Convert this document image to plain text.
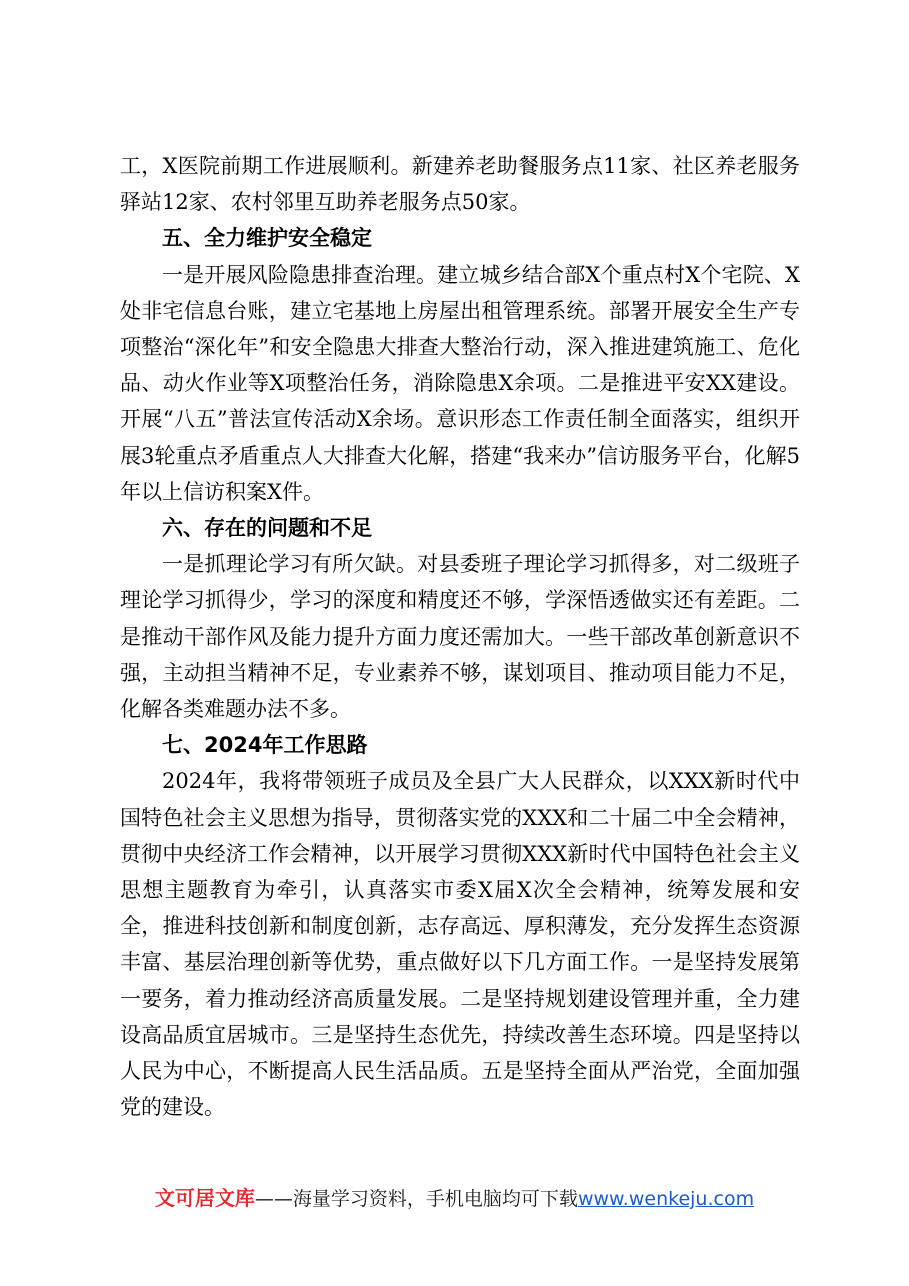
工，X医院前期工作进展顺利。新建养老助餐服务点11家、社区养老服务驿站12家、农村邻里互助养老服务点50家。

五、全力维护安全稳定

一是开展风险隐患排查治理。建立城乡结合部X个重点村X个宅院、X处非宅信息台账，建立宅基地上房屋出租管理系统。部署开展安全生产专项整治“深化年”和安全隐患大排查大整治行动，深入推进建筑施工、危化品、动火作业等X项整治任务，消除隐患X余项。二是推进平安XX建设。开展“八五”普法宣传活动X余场。意识形态工作责任制全面落实，组织开展3轮重点矛盾重点人大排查大化解，搭建“我来办”信访服务平台，化解5年以上信访积案X件。

六、存在的问题和不足

一是抓理论学习有所欠缺。对县委班子理论学习抓得多，对二级班子理论学习抓得少，学习的深度和精度还不够，学深悟透做实还有差距。二是推动干部作风及能力提升方面力度还需加大。一些干部改革创新意识不强，主动担当精神不足，专业素养不够，谋划项目、推动项目能力不足，化解各类难题办法不多。

七、2024年工作思路

2024年，我将带领班子成员及全县广大人民群众，以XXX新时代中国特色社会主义思想为指导，贯彻落实党的XXX和二十届二中全会精神，贯彻中央经济工作会精神，以开展学习贯彻XXX新时代中国特色社会主义思想主题教育为牵引，认真落实市委X届X次全会精神，统筹发展和安全，推进科技创新和制度创新，志存高远、厚积薄发，充分发挥生态资源丰富、基层治理创新等优势，重点做好以下几方面工作。一是坚持发展第一要务，着力推动经济高质量发展。二是坚持规划建设管理并重，全力建设高品质宜居城市。三是坚持生态优先，持续改善生态环境。四是坚持以人民为中心，不断提高人民生活品质。五是坚持全面从严治党，全面加强党的建设。

文可居文库——海量学习资料，手机电脑均可下载www.wenkeju.com
